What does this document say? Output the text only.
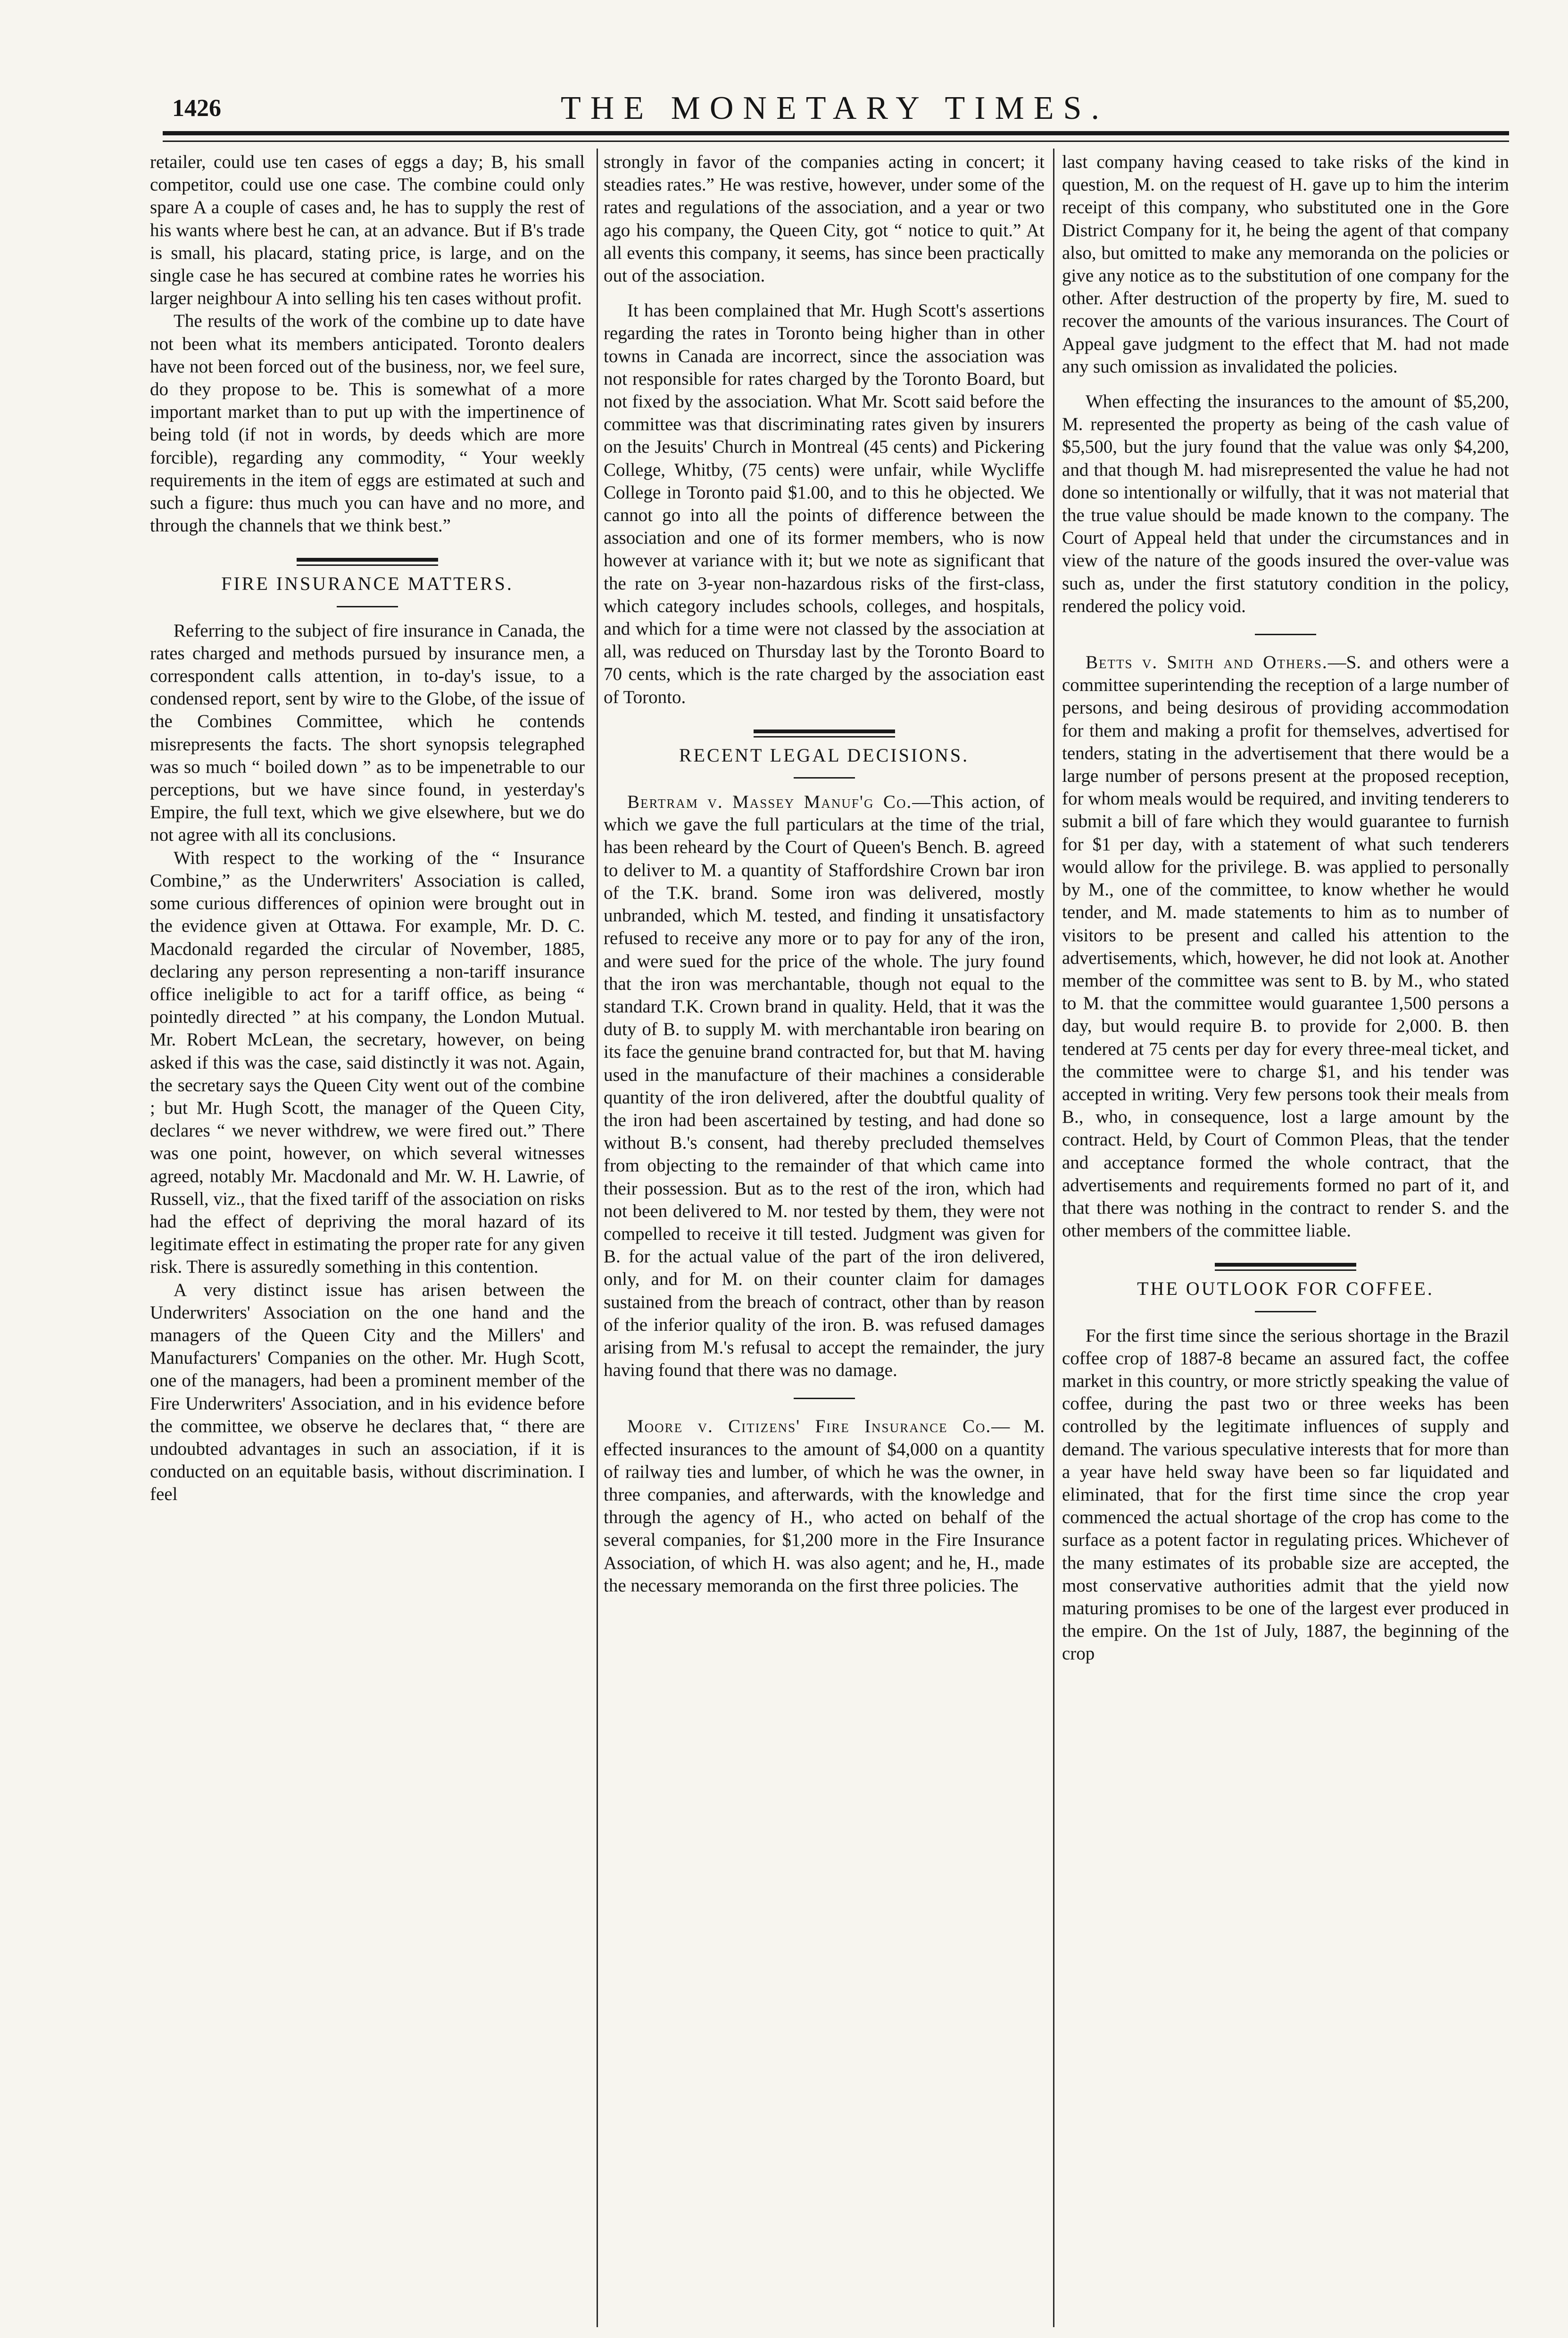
1426	THE MONETARY TIMES.

retailer, could use ten cases of eggs a day; B, his small competitor, could use one case. The combine could only spare A a couple of cases and, he has to supply the rest of his wants where best he can, at an advance. But if B's trade is small, his placard, stating price, is large, and on the single case he has secured at combine rates he worries his larger neighbour A into selling his ten cases without profit.

The results of the work of the combine up to date have not been what its members anticipated. Toronto dealers have not been forced out of the business, nor, we feel sure, do they propose to be. This is somewhat of a more important market than to put up with the impertinence of being told (if not in words, by deeds which are more forcible), regarding any commodity, “ Your weekly requirements in the item of eggs are estimated at such and such a figure: thus much you can have and no more, and through the channels that we think best.”

FIRE INSURANCE MATTERS.

Referring to the subject of fire insurance in Canada, the rates charged and methods pursued by insurance men, a correspondent calls attention, in to-day's issue, to a condensed report, sent by wire to the Globe, of the issue of the Combines Committee, which he contends misrepresents the facts. The short synopsis telegraphed was so much “ boiled down ” as to be impenetrable to our perceptions, but we have since found, in yesterday's Empire, the full text, which we give elsewhere, but we do not agree with all its conclusions.

With respect to the working of the “ Insurance Combine,” as the Underwriters' Association is called, some curious differences of opinion were brought out in the evidence given at Ottawa. For example, Mr. D. C. Macdonald regarded the circular of November, 1885, declaring any person representing a non-tariff insurance office ineligible to act for a tariff office, as being “ pointedly directed ” at his company, the London Mutual. Mr. Robert McLean, the secretary, however, on being asked if this was the case, said distinctly it was not. Again, the secretary says the Queen City went out of the combine ; but Mr. Hugh Scott, the manager of the Queen City, declares “ we never withdrew, we were fired out.” There was one point, however, on which several witnesses agreed, notably Mr. Macdonald and Mr. W. H. Lawrie, of Russell, viz., that the fixed tariff of the association on risks had the effect of depriving the moral hazard of its legitimate effect in estimating the proper rate for any given risk. There is assuredly something in this contention.

A very distinct issue has arisen between the Underwriters' Association on the one hand and the managers of the Queen City and the Millers' and Manufacturers' Companies on the other. Mr. Hugh Scott, one of the managers, had been a prominent member of the Fire Underwriters' Association, and in his evidence before the committee, we observe he declares that, “ there are undoubted advantages in such an association, if it is conducted on an equitable basis, without discrimination. I feel

strongly in favor of the companies acting in concert; it steadies rates.” He was restive, however, under some of the rates and regulations of the association, and a year or two ago his company, the Queen City, got “ notice to quit.” At all events this company, it seems, has since been practically out of the association.

It has been complained that Mr. Hugh Scott's assertions regarding the rates in Toronto being higher than in other towns in Canada are incorrect, since the association was not responsible for rates charged by the Toronto Board, but not fixed by the association. What Mr. Scott said before the committee was that discriminating rates given by insurers on the Jesuits' Church in Montreal (45 cents) and Pickering College, Whitby, (75 cents) were unfair, while Wycliffe College in Toronto paid $1.00, and to this he objected. We cannot go into all the points of difference between the association and one of its former members, who is now however at variance with it; but we note as significant that the rate on 3-year non-hazardous risks of the first-class, which category includes schools, colleges, and hospitals, and which for a time were not classed by the association at all, was reduced on Thursday last by the Toronto Board to 70 cents, which is the rate charged by the association east of Toronto.

RECENT LEGAL DECISIONS.

Bertram v. Massey Manuf'g Co.—This action, of which we gave the full particulars at the time of the trial, has been reheard by the Court of Queen's Bench. B. agreed to deliver to M. a quantity of Staffordshire Crown bar iron of the T.K. brand. Some iron was delivered, mostly unbranded, which M. tested, and finding it unsatisfactory refused to receive any more or to pay for any of the iron, and were sued for the price of the whole. The jury found that the iron was merchantable, though not equal to the standard T.K. Crown brand in quality. Held, that it was the duty of B. to supply M. with merchantable iron bearing on its face the genuine brand contracted for, but that M. having used in the manufacture of their machines a considerable quantity of the iron delivered, after the doubtful quality of the iron had been ascertained by testing, and had done so without B.'s consent, had thereby precluded themselves from objecting to the remainder of that which came into their possession. But as to the rest of the iron, which had not been delivered to M. nor tested by them, they were not compelled to receive it till tested. Judgment was given for B. for the actual value of the part of the iron delivered, only, and for M. on their counter claim for damages sustained from the breach of contract, other than by reason of the inferior quality of the iron. B. was refused damages arising from M.'s refusal to accept the remainder, the jury having found that there was no damage.

Moore v. Citizens' Fire Insurance Co.— M. effected insurances to the amount of $4,000 on a quantity of railway ties and lumber, of which he was the owner, in three companies, and afterwards, with the knowledge and through the agency of H., who acted on behalf of the several companies, for $1,200 more in the Fire Insurance Association, of which H. was also agent; and he, H., made the necessary memoranda on the first three policies. The

last company having ceased to take risks of the kind in question, M. on the request of H. gave up to him the interim receipt of this company, who substituted one in the Gore District Company for it, he being the agent of that company also, but omitted to make any memoranda on the policies or give any notice as to the substitution of one company for the other. After destruction of the property by fire, M. sued to recover the amounts of the various insurances. The Court of Appeal gave judgment to the effect that M. had not made any such omission as invalidated the policies.

When effecting the insurances to the amount of $5,200, M. represented the property as being of the cash value of $5,500, but the jury found that the value was only $4,200, and that though M. had misrepresented the value he had not done so intentionally or wilfully, that it was not material that the true value should be made known to the company. The Court of Appeal held that under the circumstances and in view of the nature of the goods insured the over-value was such as, under the first statutory condition in the policy, rendered the policy void.

Betts v. Smith and Others.—S. and others were a committee superintending the reception of a large number of persons, and being desirous of providing accommodation for them and making a profit for themselves, advertised for tenders, stating in the advertisement that there would be a large number of persons present at the proposed reception, for whom meals would be required, and inviting tenderers to submit a bill of fare which they would guarantee to furnish for $1 per day, with a statement of what such tenderers would allow for the privilege. B. was applied to personally by M., one of the committee, to know whether he would tender, and M. made statements to him as to number of visitors to be present and called his attention to the advertisements, which, however, he did not look at. Another member of the committee was sent to B. by M., who stated to M. that the committee would guarantee 1,500 persons a day, but would require B. to provide for 2,000. B. then tendered at 75 cents per day for every three-meal ticket, and the committee were to charge $1, and his tender was accepted in writing. Very few persons took their meals from B., who, in consequence, lost a large amount by the contract. Held, by Court of Common Pleas, that the tender and acceptance formed the whole contract, that the advertisements and requirements formed no part of it, and that there was nothing in the contract to render S. and the other members of the committee liable.

THE OUTLOOK FOR COFFEE.

For the first time since the serious shortage in the Brazil coffee crop of 1887-8 became an assured fact, the coffee market in this country, or more strictly speaking the value of coffee, during the past two or three weeks has been controlled by the legitimate influences of supply and demand. The various speculative interests that for more than a year have held sway have been so far liquidated and eliminated, that for the first time since the crop year commenced the actual shortage of the crop has come to the surface as a potent factor in regulating prices. Whichever of the many estimates of its probable size are accepted, the most conservative authorities admit that the yield now maturing promises to be one of the largest ever produced in the empire. On the 1st of July, 1887, the beginning of the crop
